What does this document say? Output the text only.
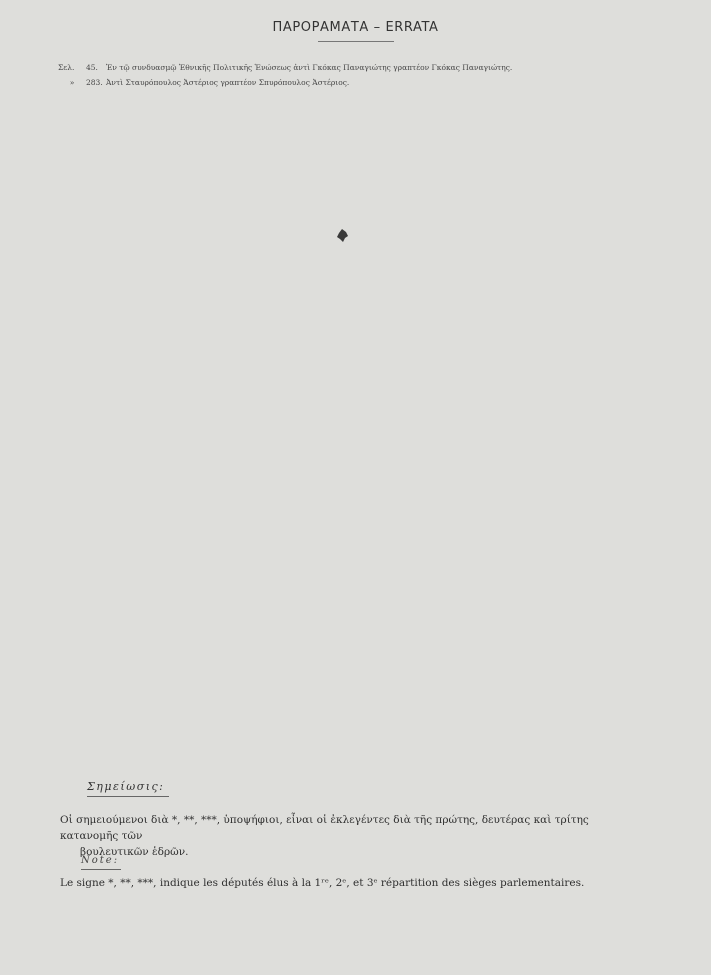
ΠΑΡΟΡΑΜΑΤΑ – ERRATA
Σελ. 45. Ἐν τῷ συνδυασμῷ Ἐθνικῆς Πολιτικῆς Ἑνώσεως ἀντὶ Γκόκας Παναγιώτης γραπτέον Γκόκας Παναγιώτης.
» 283. Ἀντὶ Σταυρόπουλος Ἀστέριος γραπτέον Σπυρόπουλος Ἀστέριος.
Σημείωσις:
Οἱ σημειούμενοι διὰ *, **, ***, ὑποψήφιοι, εἶναι οἱ ἐκλεγέντες διὰ τῆς πρώτης, δευτέρας καὶ τρίτης κατανομῆς τῶν
βουλευτικῶν ἑδρῶν.
Note:
Le signe *, **, ***, indique les députés élus à la 1ʳᵉ, 2ᵉ, et 3ᵉ répartition des sièges parlementaires.
